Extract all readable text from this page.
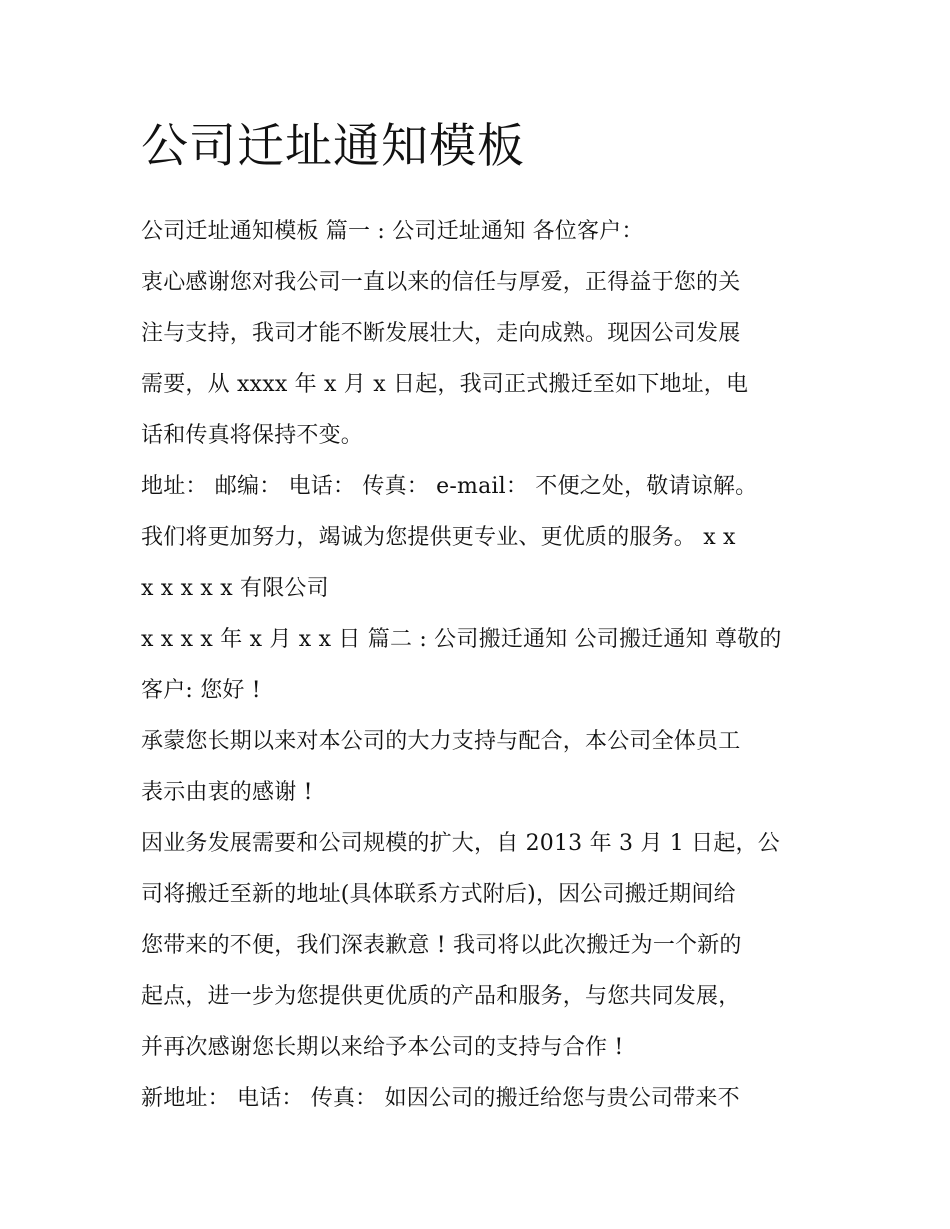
公司迁址通知模板

公司迁址通知模板 篇一 : 公司迁址通知 各位客户：

衷心感谢您对我公司一直以来的信任与厚爱，正得益于您的关
注与支持，我司才能不断发展壮大，走向成熟。现因公司发展
需要，从 xxxx 年 x 月 x 日起，我司正式搬迁至如下地址，电
话和传真将保持不变。

地址： 邮编： 电话： 传真： e-mail： 不便之处，敬请谅解。
我们将更加努力，竭诚为您提供更专业、更优质的服务。 x x
x x x x x 有限公司

x x x x 年 x 月 x x 日 篇二 : 公司搬迁通知 公司搬迁通知 尊敬的
客户: 您好 !

承蒙您长期以来对本公司的大力支持与配合，本公司全体员工
表示由衷的感谢 !

因业务发展需要和公司规模的扩大，自 2013 年 3 月 1 日起，公
司将搬迁至新的地址(具体联系方式附后)，因公司搬迁期间给
您带来的不便，我们深表歉意 ! 我司将以此次搬迁为一个新的
起点，进一步为您提供更优质的产品和服务，与您共同发展，
并再次感谢您长期以来给予本公司的支持与合作 !

新地址： 电话： 传真： 如因公司的搬迁给您与贵公司带来不
